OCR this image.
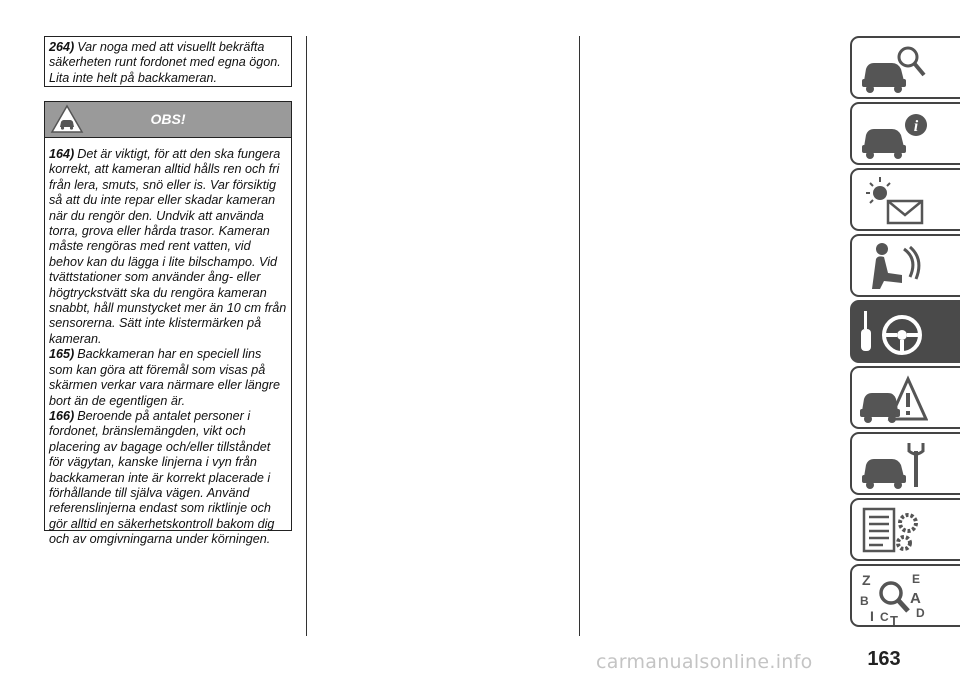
264) Var noga med att visuellt bekräfta säkerheten runt fordonet med egna ögon. Lita inte helt på backkameran.

OBS!

164) Det är viktigt, för att den ska fungera korrekt, att kameran alltid hålls ren och fri från lera, smuts, snö eller is. Var försiktig så att du inte repar eller skadar kameran när du rengör den. Undvik att använda torra, grova eller hårda trasor. Kameran måste rengöras med rent vatten, vid behov kan du lägga i lite bilschampo. Vid tvättstationer som använder ång- eller högtryckstvätt ska du rengöra kameran snabbt, håll munstycket mer än 10 cm från sensorerna. Sätt inte klistermärken på kameran.

165) Backkameran har en speciell lins som kan göra att föremål som visas på skärmen verkar vara närmare eller längre bort än de egentligen är.

166) Beroende på antalet personer i fordonet, bränslemängden, vikt och placering av bagage och/eller tillståndet för vägytan, kanske linjerna i vyn från backkameran inte är korrekt placerade i förhållande till själva vägen. Använd referenslinjerna endast som riktlinje och gör alltid en säkerhetskontroll bakom dig och av omgivningarna under körningen.

i
Z	E
B	A
D
I C T
163
carmanualsonline.info
